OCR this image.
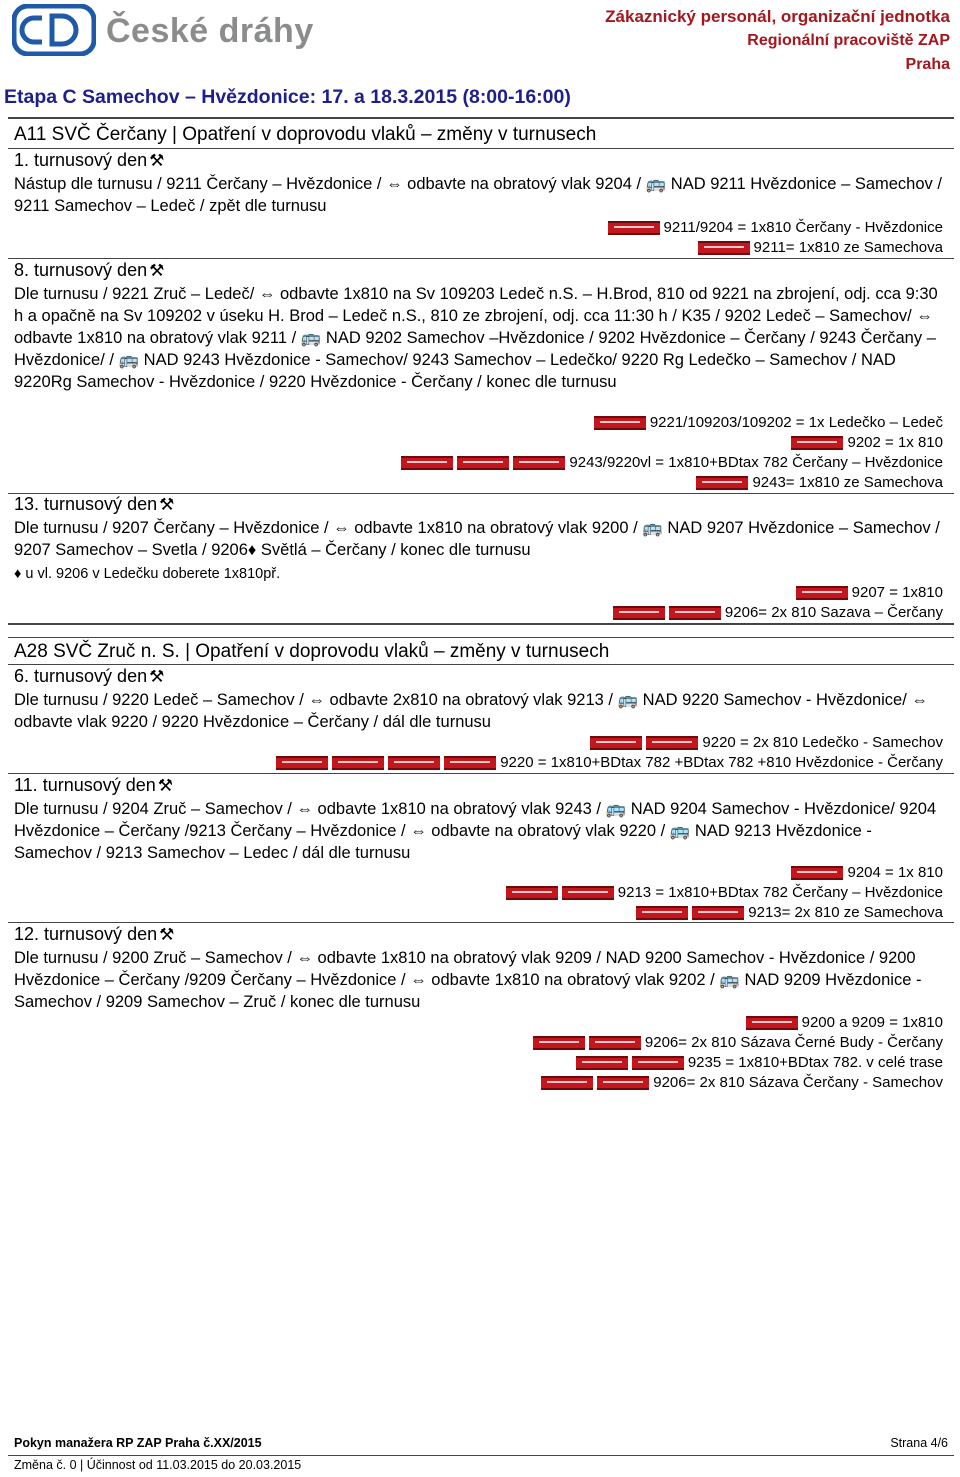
České dráhy	Zákaznický personál, organizační jednotka
Regionální pracoviště ZAP
Praha
Etapa C Samechov – Hvězdonice: 17. a 18.3.2015 (8:00-16:00)
A11 SVČ Čerčany | Opatření v doprovodu vlaků – změny v turnusech
1. turnusový den ⚒
Nástup dle turnusu / 9211 Čerčany – Hvězdonice / ⇔ odbavte na obratový vlak 9204 / 🚌 NAD 9211 Hvězdonice – Samechov / 9211 Samechov – Ledeč / zpět dle turnusu
9211/9204 = 1x810 Čerčany - Hvězdonice
9211= 1x810 ze Samechova
8. turnusový den ⚒
Dle turnusu / 9221 Zruč – Ledeč/ ⇔ odbavte 1x810 na Sv 109203 Ledeč n.S. – H.Brod, 810 od 9221 na zbrojení, odj. cca 9:30 h a opačně na Sv 109202 v úseku H. Brod – Ledeč n.S., 810 ze zbrojení, odj. cca 11:30 h / K35 / 9202 Ledeč – Samechov/ ⇔ odbavte 1x810 na obratový vlak 9211 / 🚌 NAD 9202 Samechov –Hvězdonice / 9202 Hvězdonice – Čerčany / 9243 Čerčany – Hvězdonice/ / 🚌 NAD 9243 Hvězdonice - Samechov/ 9243 Samechov – Ledečko/ 9220 Rg Ledečko – Samechov / NAD 9220Rg Samechov - Hvězdonice / 9220 Hvězdonice - Čerčany / konec dle turnusu
9221/109203/109202 = 1x Ledečko – Ledeč
9202 = 1x 810
9243/9220vl = 1x810+BDtax 782 Čerčany – Hvězdonice
9243= 1x810 ze Samechova
13. turnusový den ⚒
Dle turnusu / 9207 Čerčany – Hvězdonice / ⇔ odbavte 1x810 na obratový vlak 9200 / 🚌 NAD 9207 Hvězdonice – Samechov / 9207 Samechov – Svetla / 9206♦ Světlá – Čerčany / konec dle turnusu
♦ u vl. 9206 v Ledečku doberete 1x810př.
9207 = 1x810
9206= 2x 810 Sazava – Čerčany
A28 SVČ Zruč n. S. | Opatření v doprovodu vlaků – změny v turnusech
6. turnusový den ⚒
Dle turnusu / 9220 Ledeč – Samechov / ⇔ odbavte 2x810 na obratový vlak 9213 / 🚌 NAD 9220 Samechov - Hvězdonice/ ⇔ odbavte vlak 9220 / 9220 Hvězdonice – Čerčany / dál dle turnusu
9220 = 2x 810 Ledečko - Samechov
9220 = 1x810+BDtax 782 +BDtax 782 +810 Hvězdonice - Čerčany
11. turnusový den ⚒
Dle turnusu / 9204 Zruč – Samechov / ⇔ odbavte 1x810 na obratový vlak 9243 / 🚌 NAD 9204 Samechov - Hvězdonice/ 9204 Hvězdonice – Čerčany /9213 Čerčany – Hvězdonice / ⇔ odbavte na obratový vlak 9220 / 🚌 NAD 9213 Hvězdonice - Samechov / 9213 Samechov – Ledec / dál dle turnusu
9204 = 1x 810
9213 = 1x810+BDtax 782 Čerčany – Hvězdonice
9213= 2x 810 ze Samechova
12. turnusový den ⚒
Dle turnusu / 9200 Zruč – Samechov / ⇔ odbavte 1x810 na obratový vlak 9209 / NAD 9200 Samechov - Hvězdonice / 9200 Hvězdonice – Čerčany /9209 Čerčany – Hvězdonice / ⇔ odbavte 1x810 na obratový vlak 9202 / 🚌 NAD 9209 Hvězdonice - Samechov / 9209 Samechov – Zruč / konec dle turnusu
9200 a 9209 = 1x810
9206= 2x 810 Sázava Černé Budy - Čerčany
9235 = 1x810+BDtax 782. v celé trase
9206= 2x 810 Sázava Čerčany - Samechov
Pokyn manažera RP ZAP Praha č.XX/2015
Změna č. 0 | Účinnost od 11.03.2015 do 20.03.2015
Strana 4/6
